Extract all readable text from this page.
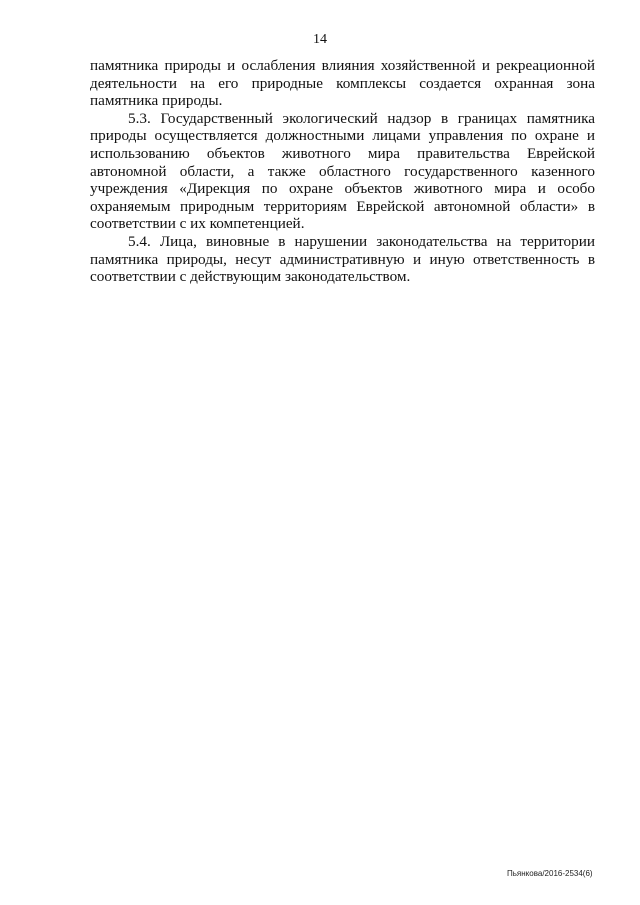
14

памятника природы и ослабления влияния хозяйственной и рекреационной деятельности на его природные комплексы создается охранная зона памятника природы.

5.3. Государственный экологический надзор в границах памятника природы осуществляется должностными лицами управления по охране и использованию объектов животного мира правительства Еврейской автономной области, а также областного государственного казенного учреждения «Дирекция по охране объектов животного мира и особо охраняемым природным территориям Еврейской автономной области» в соответствии с их компетенцией.

5.4. Лица, виновные в нарушении законодательства на территории памятника природы, несут административную и иную ответственность в соответствии с действующим законодательством.

Пьянкова/2016-2534(6)
